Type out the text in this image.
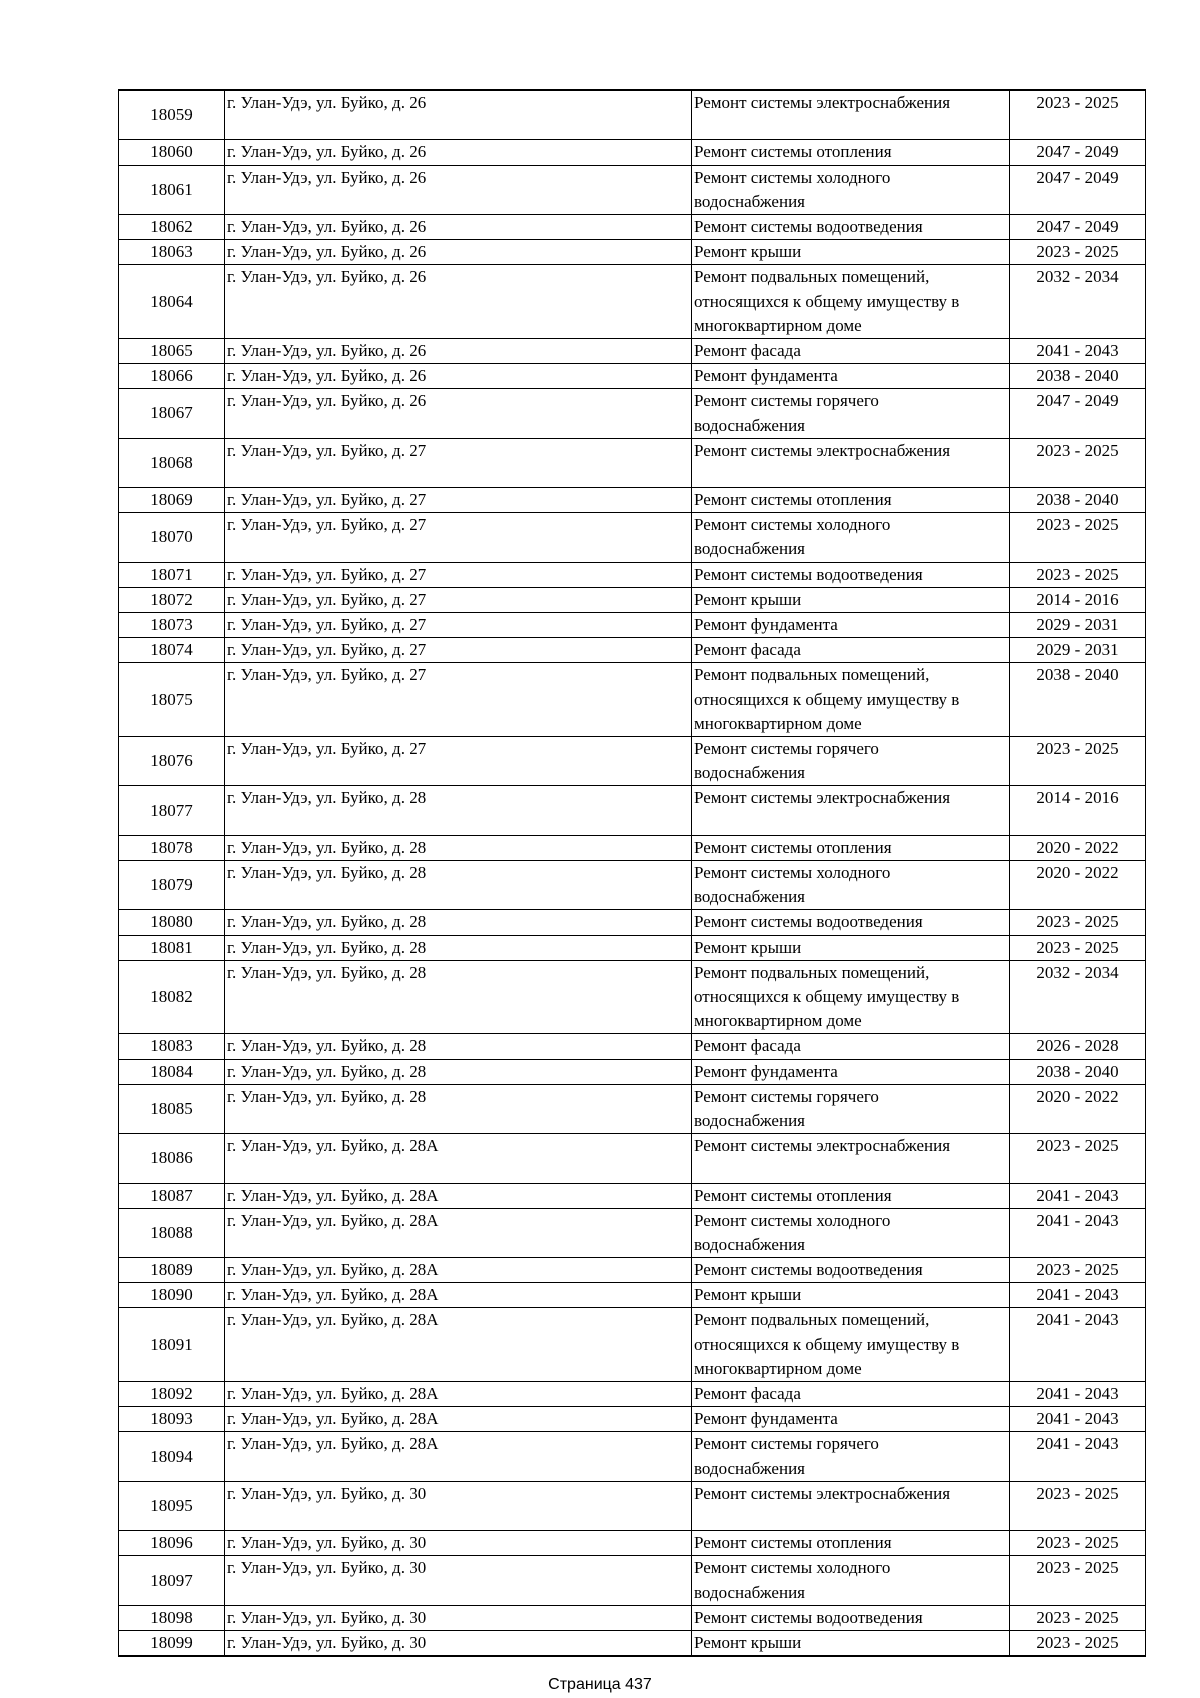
18059	г. Улан-Удэ, ул. Буйко, д. 26	Ремонт системы электроснабжения	2023 - 2025
18060	г. Улан-Удэ, ул. Буйко, д. 26	Ремонт системы отопления	2047 - 2049
18061	г. Улан-Удэ, ул. Буйко, д. 26	Ремонт системы холодного
водоснабжения	2047 - 2049
18062	г. Улан-Удэ, ул. Буйко, д. 26	Ремонт системы водоотведения	2047 - 2049
18063	г. Улан-Удэ, ул. Буйко, д. 26	Ремонт крыши	2023 - 2025
18064	г. Улан-Удэ, ул. Буйко, д. 26	Ремонт подвальных помещений,
относящихся к общему имуществу в
многоквартирном доме	2032 - 2034
18065	г. Улан-Удэ, ул. Буйко, д. 26	Ремонт фасада	2041 - 2043
18066	г. Улан-Удэ, ул. Буйко, д. 26	Ремонт фундамента	2038 - 2040
18067	г. Улан-Удэ, ул. Буйко, д. 26	Ремонт системы горячего
водоснабжения	2047 - 2049
18068	г. Улан-Удэ, ул. Буйко, д. 27	Ремонт системы электроснабжения	2023 - 2025
18069	г. Улан-Удэ, ул. Буйко, д. 27	Ремонт системы отопления	2038 - 2040
18070	г. Улан-Удэ, ул. Буйко, д. 27	Ремонт системы холодного
водоснабжения	2023 - 2025
18071	г. Улан-Удэ, ул. Буйко, д. 27	Ремонт системы водоотведения	2023 - 2025
18072	г. Улан-Удэ, ул. Буйко, д. 27	Ремонт крыши	2014 - 2016
18073	г. Улан-Удэ, ул. Буйко, д. 27	Ремонт фундамента	2029 - 2031
18074	г. Улан-Удэ, ул. Буйко, д. 27	Ремонт фасада	2029 - 2031
18075	г. Улан-Удэ, ул. Буйко, д. 27	Ремонт подвальных помещений,
относящихся к общему имуществу в
многоквартирном доме	2038 - 2040
18076	г. Улан-Удэ, ул. Буйко, д. 27	Ремонт системы горячего
водоснабжения	2023 - 2025
18077	г. Улан-Удэ, ул. Буйко, д. 28	Ремонт системы электроснабжения	2014 - 2016
18078	г. Улан-Удэ, ул. Буйко, д. 28	Ремонт системы отопления	2020 - 2022
18079	г. Улан-Удэ, ул. Буйко, д. 28	Ремонт системы холодного
водоснабжения	2020 - 2022
18080	г. Улан-Удэ, ул. Буйко, д. 28	Ремонт системы водоотведения	2023 - 2025
18081	г. Улан-Удэ, ул. Буйко, д. 28	Ремонт крыши	2023 - 2025
18082	г. Улан-Удэ, ул. Буйко, д. 28	Ремонт подвальных помещений,
относящихся к общему имуществу в
многоквартирном доме	2032 - 2034
18083	г. Улан-Удэ, ул. Буйко, д. 28	Ремонт фасада	2026 - 2028
18084	г. Улан-Удэ, ул. Буйко, д. 28	Ремонт фундамента	2038 - 2040
18085	г. Улан-Удэ, ул. Буйко, д. 28	Ремонт системы горячего
водоснабжения	2020 - 2022
18086	г. Улан-Удэ, ул. Буйко, д. 28А	Ремонт системы электроснабжения	2023 - 2025
18087	г. Улан-Удэ, ул. Буйко, д. 28А	Ремонт системы отопления	2041 - 2043
18088	г. Улан-Удэ, ул. Буйко, д. 28А	Ремонт системы холодного
водоснабжения	2041 - 2043
18089	г. Улан-Удэ, ул. Буйко, д. 28А	Ремонт системы водоотведения	2023 - 2025
18090	г. Улан-Удэ, ул. Буйко, д. 28А	Ремонт крыши	2041 - 2043
18091	г. Улан-Удэ, ул. Буйко, д. 28А	Ремонт подвальных помещений,
относящихся к общему имуществу в
многоквартирном доме	2041 - 2043
18092	г. Улан-Удэ, ул. Буйко, д. 28А	Ремонт фасада	2041 - 2043
18093	г. Улан-Удэ, ул. Буйко, д. 28А	Ремонт фундамента	2041 - 2043
18094	г. Улан-Удэ, ул. Буйко, д. 28А	Ремонт системы горячего
водоснабжения	2041 - 2043
18095	г. Улан-Удэ, ул. Буйко, д. 30	Ремонт системы электроснабжения	2023 - 2025
18096	г. Улан-Удэ, ул. Буйко, д. 30	Ремонт системы отопления	2023 - 2025
18097	г. Улан-Удэ, ул. Буйко, д. 30	Ремонт системы холодного
водоснабжения	2023 - 2025
18098	г. Улан-Удэ, ул. Буйко, д. 30	Ремонт системы водоотведения	2023 - 2025
18099	г. Улан-Удэ, ул. Буйко, д. 30	Ремонт крыши	2023 - 2025
Страница 437
